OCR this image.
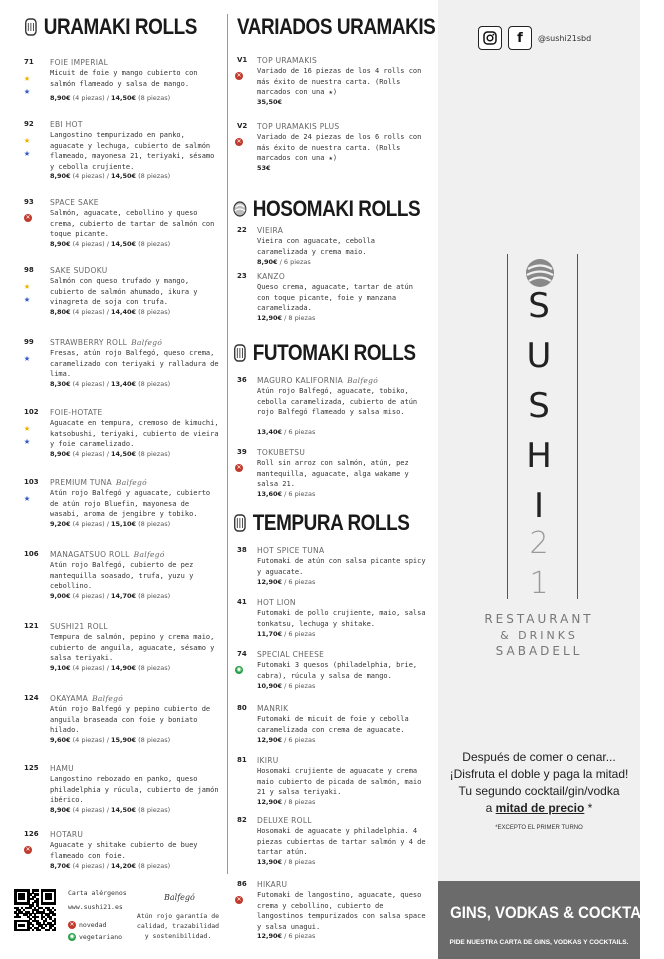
URAMAKI ROLLS
71 FOIE IMPERIAL
★
★
Micuit de foie y mango cubierto con salmón flameado y salsa de mango.
8,90€ (4 piezas) / 14,50€ (8 piezas)
92 EBI HOT
★
★
Langostino tempurizado en panko, aguacate y lechuga, cubierto de salmón flameado, mayonesa 21, teriyaki, sésamo y cebolla crujiente.
8,90€ (4 piezas) / 14,50€ (8 piezas)
93 SPACE SAKE
✕
Salmón, aguacate, cebollino y queso crema, cubierto de tartar de salmón con toque picante.
8,90€ (4 piezas) / 14,50€ (8 piezas)
98 SAKE SUDOKU
★
★
Salmón con queso trufado y mango, cubierto de salmón ahumado, ikura y vinagreta de soja con trufa.
8,80€ (4 piezas) / 14,40€ (8 piezas)
99 STRAWBERRY ROLL Balfegó
★	Fresas, atún rojo Balfegó, queso crema, caramelizado con teriyaki y ralladura de lima.
8,30€ (4 piezas) / 13,40€ (8 piezas)
102 FOIE-HOTATE
★
★
Aguacate en tempura, cremoso de kimuchi, katsobushi, teriyaki, cubierto de vieira y foie caramelizado.
8,90€ (4 piezas) / 14,50€ (8 piezas)
103 PREMIUM TUNA Balfegó
★	Atún rojo Balfegó y aguacate, cubierto de atún rojo Bluefin, mayonesa de wasabi, aroma de jengibre y tobiko.
9,20€ (4 piezas) / 15,10€ (8 piezas)
106 MANAGATSUO ROLL Balfegó
Atún rojo Balfegó, cubierto de pez mantequilla soasado, trufa, yuzu y cebollino.
9,00€ (4 piezas) / 14,70€ (8 piezas)
121 SUSHI21 ROLL
Tempura de salmón, pepino y crema maio, cubierto de anguila, aguacate, sésamo y salsa teriyaki.
9,10€ (4 piezas) / 14,90€ (8 piezas)
124 OKAYAMA Balfegó
Atún rojo Balfegó y pepino cubierto de anguila braseada con foie y boniato hilado.
9,60€ (4 piezas) / 15,90€ (8 piezas)
125 HAMU
Langostino rebozado en panko, queso philadelphia y rúcula, cubierto de jamón ibérico.
8,90€ (4 piezas) / 14,50€ (8 piezas)
126 HOTARU
✕
Aguacate y shitake cubierto de buey flameado con foie.
8,70€ (4 piezas) / 14,20€ (8 piezas)
VARIADOS URAMAKIS
V1 TOP URAMAKIS
✕
Variado de 16 piezas de los 4 rolls con más éxito de nuestra carta. (Rolls marcados con una ★)
35,50€
V2 TOP URAMAKIS PLUS
✕
Variado de 24 piezas de los 6 rolls con más éxito de nuestra carta. (Rolls marcados con una ★)
53€
HOSOMAKI ROLLS
22 VIEIRA
Vieira con aguacate, cebolla caramelizada y crema maio.
8,90€ / 6 piezas
23 KANZO
Queso crema, aguacate, tartar de atún con toque picante, foie y manzana caramelizada.
12,90€ / 8 piezas
FUTOMAKI ROLLS
36 MAGURO KALIFORNIA Balfegó
Atún rojo Balfegó, aguacate, tobiko, cebolla caramelizada, cubierto de atún rojo Balfegó flameado y salsa miso.
13,40€ / 6 piezas
39 TOKUBETSU
✕
Roll sin arroz con salmón, atún, pez mantequilla, aguacate, alga wakame y salsa 21.
13,60€ / 6 piezas
TEMPURA ROLLS
38 HOT SPICE TUNA
Futomaki de atún con salsa picante spicy y aguacate.
12,90€ / 6 piezas
41 HOT LION
Futomaki de pollo crujiente, maio, salsa tonkatsu, lechuga y shitake.
11,70€ / 6 piezas
74 SPECIAL CHEESE
◉
Futomaki 3 quesos (philadelphia, brie, cabra), rúcula y salsa de mango.
10,90€ / 6 piezas
80 MANRIK
Futomaki de micuit de foie y cebolla caramelizada con crema de aguacate.
12,90€ / 6 piezas
81 IKIRU
Hosomaki crujiente de aguacate y crema maio cubierto de picada de salmón, maio 21 y salsa teriyaki.
12,90€ / 8 piezas
82 DELUXE ROLL
Hosomaki de aguacate y philadelphia. 4 piezas cubiertas de tartar salmón y 4 de tartar atún.
13,90€ / 8 piezas
86 HIKARU
✕
Futomaki de langostino, aguacate, queso crema y cebollino, cubierto de langostinos tempurizados con salsa space y salsa unagui.
12,90€ / 6 piezas
Carta alérgenos
www.sushi21.es
✕ novedad
◉ vegetariano
Balfegó
Atún rojo garantía de calidad, trazabilidad y sostenibilidad.
f	@sushi21sbd
S
U
S
H
I
2
1
RESTAURANT
& DRINKS
SABADELL
Después de comer o cenar...
¡Disfruta el doble y paga la mitad!
Tu segundo cocktail/gin/vodka
a mitad de precio *
*EXCEPTO EL PRIMER TURNO
GINS, VODKAS & COCKTAILS
PIDE NUESTRA CARTA DE GINS, VODKAS Y COCKTAILS.
